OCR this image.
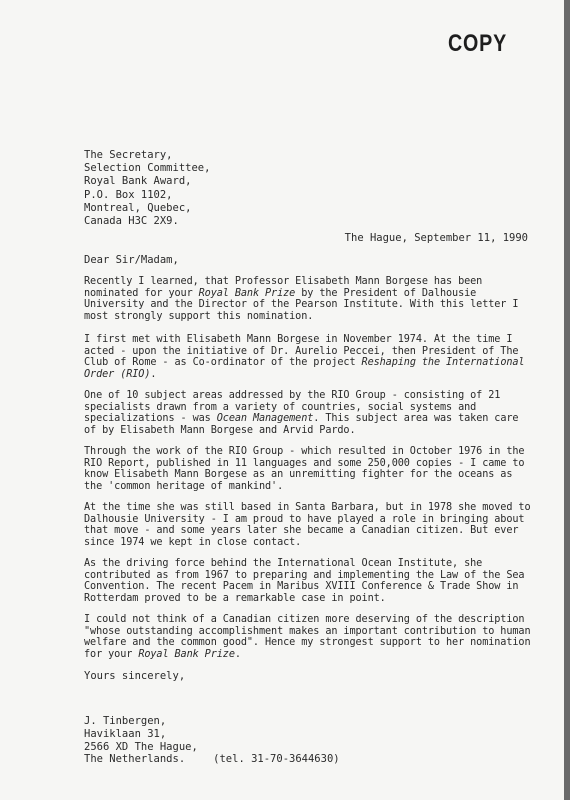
COPY
The Secretary,
Selection Committee,
Royal Bank Award,
P.O. Box 1102,
Montreal, Quebec,
Canada H3C 2X9.
The Hague, September 11, 1990
Dear Sir/Madam,
Recently I learned, that Professor Elisabeth Mann Borgese has been nominated for your Royal Bank Prize by the President of Dalhousie University and the Director of the Pearson Institute. With this letter I most strongly support this nomination.
I first met with Elisabeth Mann Borgese in November 1974. At the time I acted - upon the initiative of Dr. Aurelio Peccei, then President of The Club of Rome - as Co-ordinator of the project Reshaping the International Order (RIO).
One of 10 subject areas addressed by the RIO Group - consisting of 21 specialists drawn from a variety of countries, social systems and specializations - was Ocean Management. This subject area was taken care of by Elisabeth Mann Borgese and Arvid Pardo.
Through the work of the RIO Group - which resulted in October 1976 in the RIO Report, published in 11 languages and some 250,000 copies - I came to know Elisabeth Mann Borgese as an unremitting fighter for the oceans as the 'common heritage of mankind'.
At the time she was still based in Santa Barbara, but in 1978 she moved to Dalhousie University - I am proud to have played a role in bringing about that move - and some years later she became a Canadian citizen. But ever since 1974 we kept in close contact.
As the driving force behind the International Ocean Institute, she contributed as from 1967 to preparing and implementing the Law of the Sea Convention. The recent Pacem in Maribus XVIII Conference & Trade Show in Rotterdam proved to be a remarkable case in point.
I could not think of a Canadian citizen more deserving of the description "whose outstanding accomplishment makes an important contribution to human welfare and the common good". Hence my strongest support to her nomination for your Royal Bank Prize.
Yours sincerely,
J. Tinbergen,
Haviklaan 31,
2566 XD The Hague,
The Netherlands.	(tel. 31-70-3644630)
